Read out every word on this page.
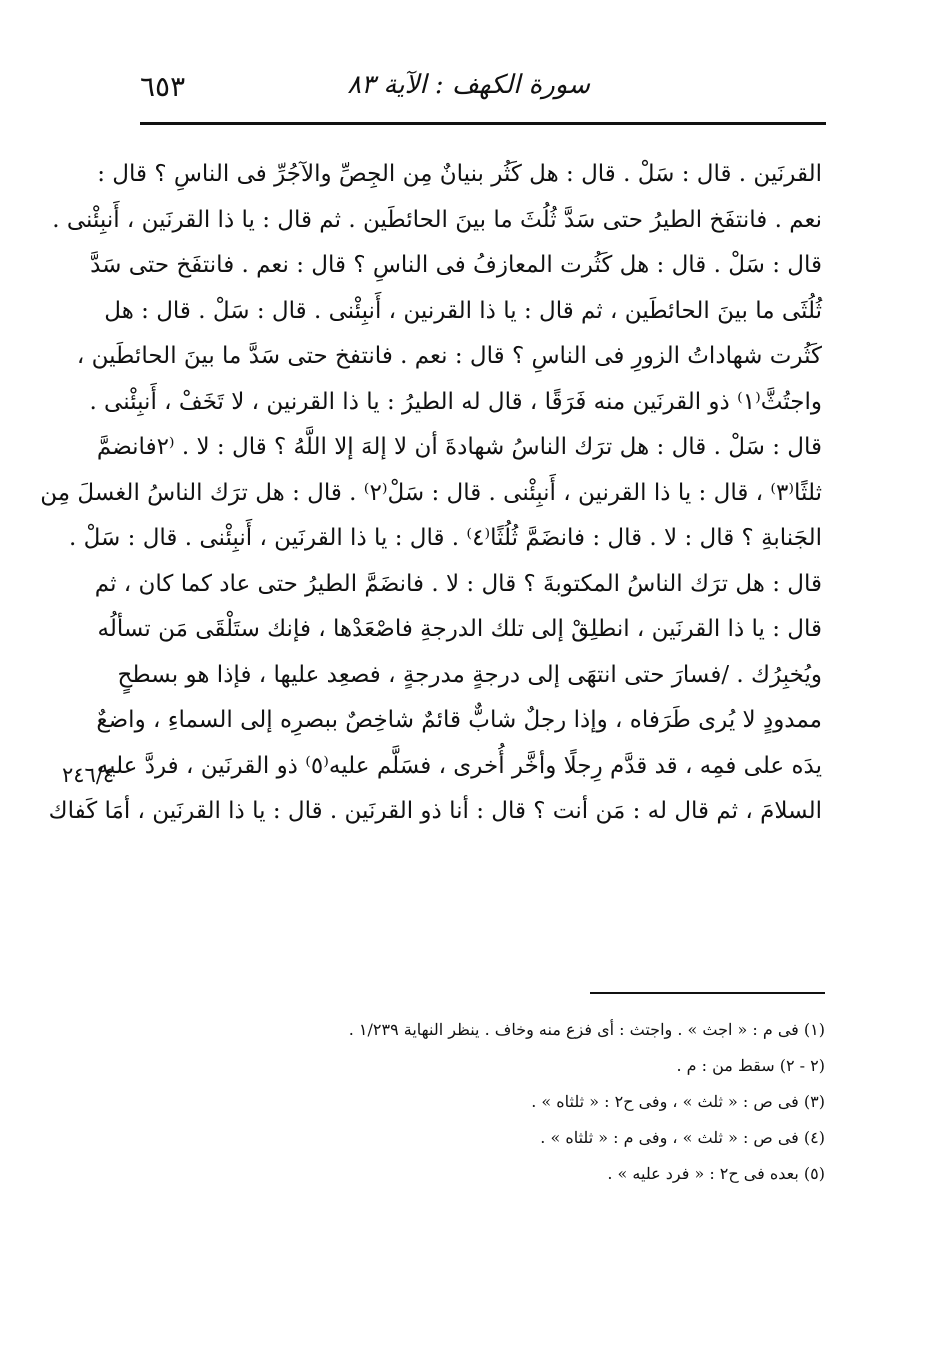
سورة الكهف : الآية ٨٣
٦٥٣
٢٤٦/٤
القرنَين . قال : سَلْ . قال : هل كَثُر بنيانٌ مِن الجِصِّ والآجُرِّ فى الناسِ ؟ قال :
نعم . فانتفَخ الطيرُ حتى سَدَّ ثُلُثَ ما بينَ الحائطَين . ثم قال : يا ذا القرنَين ، أَنبِئْنى .
قال : سَلْ . قال : هل كَثُرت المعازفُ فى الناسِ ؟ قال : نعم . فانتفَخ حتى سَدَّ
ثُلُثَى ما بينَ الحائطَين ، ثم قال : يا ذا القرنين ، أَنبِئْنى . قال : سَلْ . قال : هل
كَثُرت شهاداتُ الزورِ فى الناسِ ؟ قال : نعم . فانتفخ حتى سَدَّ ما بينَ الحائطَين ،
واجتُثَّ⁽١⁾ ذو القرنَين منه فَرَقًا ، قال له الطيرُ : يا ذا القرنين ، لا تَخَفْ ، أَنبِئْنى .
قال : سَلْ . قال : هل ترَك الناسُ شهادةَ أن لا إلهَ إلا اللَّهُ ؟ قال : لا . ⁽٢فانضمَّ
ثلثًا⁽٣⁾ ، قال : يا ذا القرنين ، أَنبِئْنى . قال : سَلْ⁽٢⁾ . قال : هل ترَك الناسُ الغسلَ مِن
الجَنابةِ ؟ قال : لا . قال : فانضَمَّ ثُلُثًا⁽٤⁾ . قال : يا ذا القرنَين ، أَنبِئْنى . قال : سَلْ .
قال : هل ترَك الناسُ المكتوبةَ ؟ قال : لا . فانضَمَّ الطيرُ حتى عاد كما كان ، ثم
قال : يا ذا القرنَين ، انطلِقْ إلى تلك الدرجةِ فاصْعَدْها ، فإنك ستَلْقَى مَن تسألُه
ويُخبِرُك . /فسارَ حتى انتهَى إلى درجةٍ مدرجةٍ ، فصعِد عليها ، فإذا هو بسطحٍ
ممدودٍ لا يُرى طَرَفاه ، وإذا رجلٌ شابٌّ قائمٌ شاخِصٌ ببصرِه إلى السماءِ ، واضعٌ
يدَه على فمِه ، قد قدَّم رِجلًا وأخَّر أُخرى ، فسَلَّم عليه⁽٥⁾ ذو القرنَين ، فردَّ عليه
السلامَ ، ثم قال له : مَن أنت ؟ قال : أنا ذو القرنَين . قال : يا ذا القرنَين ، أمَا كَفاك
(١) فى م : « اجث » . واجتث : أى فزع منه وخاف . ينظر النهاية ١/٢٣٩ .
(٢ - ٢) سقط من : م .
(٣) فى ص : « ثلث » ، وفى ح٢ : « ثلثاه » .
(٤) فى ص : « ثلث » ، وفى م : « ثلثاه » .
(٥) بعده فى ح٢ : « فرد عليه » .
